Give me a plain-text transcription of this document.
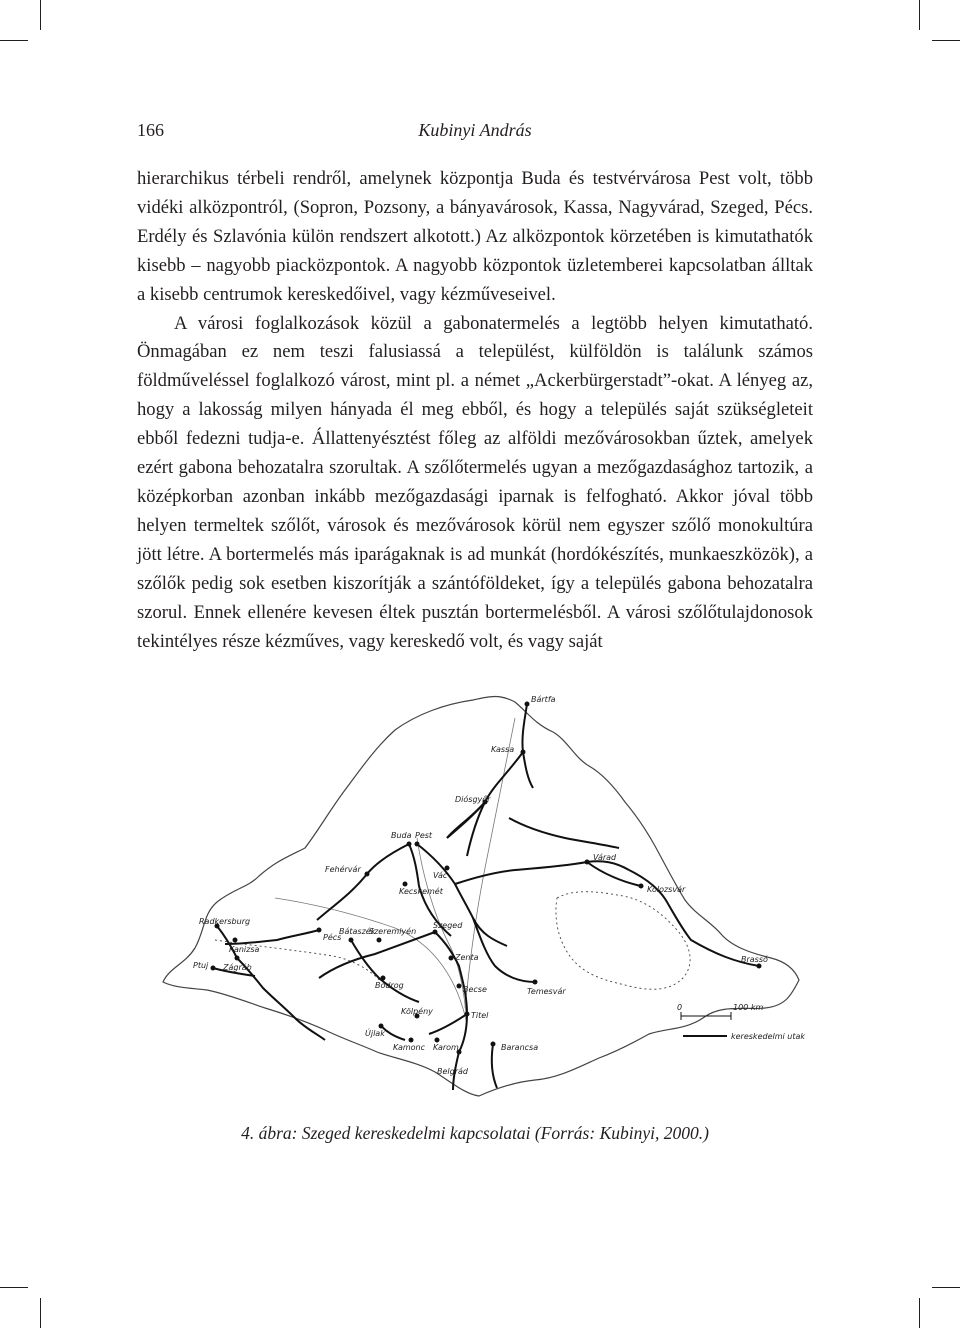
166	Kubinyi András

hierarchikus térbeli rendről, amelynek központja Buda és testvérvárosa Pest volt, több vidéki alközpontról, (Sopron, Pozsony, a bányavárosok, Kassa, Nagyvárad, Szeged, Pécs. Erdély és Szlavónia külön rendszert alkotott.) Az alközpontok körzetében is kimutathatók kisebb – nagyobb piacközpontok. A nagyobb központok üzletemberei kapcsolatban álltak a kisebb centrumok kereskedőivel, vagy kézműveseivel.

A városi foglalkozások közül a gabonatermelés a legtöbb helyen kimutatható. Önmagában ez nem teszi falusiassá a települést, külföldön is találunk számos földműveléssel foglalkozó várost, mint pl. a német „Ackerbürgerstadt”-okat. A lényeg az, hogy a lakosság milyen hányada él meg ebből, és hogy a település saját szükségleteit ebből fedezni tudja-e. Állattenyésztést főleg az alföldi mezővárosokban űztek, amelyek ezért gabona behozatalra szorultak. A szőlőtermelés ugyan a mezőgazdasághoz tartozik, a középkorban azonban inkább mezőgazdasági iparnak is felfogható. Akkor jóval több helyen termeltek szőlőt, városok és mezővárosok körül nem egyszer szőlő monokultúra jött létre. A bortermelés más iparágaknak is ad munkát (hordókészítés, munkaeszközök), a szőlők pedig sok esetben kiszorítják a szántóföldeket, így a település gabona behozatalra szorul. Ennek ellenére kevesen éltek pusztán bortermelésből. A városi szőlőtulajdonosok tekintélyes része kézműves, vagy kereskedő volt, és vagy saját

Bártfa
Kassa
Diósgyőr
Buda Pest
Fehérvár
Vác
Várad
Kecskemét	Kolozsvár
Radkersburg
Ptuj
Kanizsa
Zágráb
Pécs
Bátaszék
Szeremlyén
Szeged
Zenta
Bodrog	Becse	Temesvár
Brassó
Kölpény	Titel
Újlak
Kamonc Karom
Belgrád
Barancsa
0	100 km
kereskedelmi utak
4. ábra: Szeged kereskedelmi kapcsolatai (Forrás: Kubinyi, 2000.)
